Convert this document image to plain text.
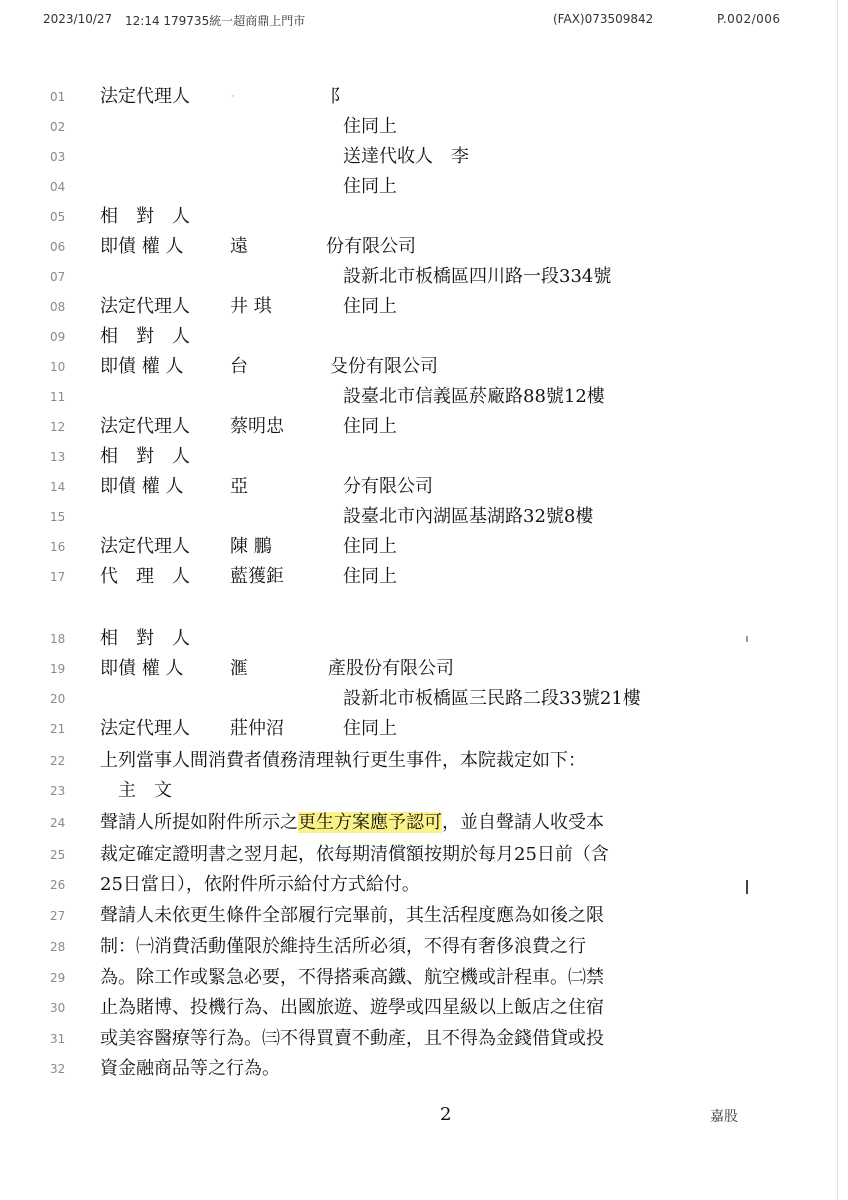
2023/10/27 12:14 179735統一超商鼎上門市	(FAX)073509842	P.002/006
01	法定代理人 ·	阝
02	住同上
03	送達代收人　李
04	住同上
05	相　對　人
06	即債 權 人	遠	份有限公司
07	設新北市板橋區四川路一段334號
08	法定代理人 井 琪	住同上
09	相　對　人
10	即債 權 人	台	殳份有限公司
11	設臺北市信義區菸廠路88號12樓
12	法定代理人 蔡明忠	住同上
13	相　對　人
14	即債 權 人	亞	分有限公司
15	設臺北市內湖區基湖路32號8樓
16	法定代理人 陳 鵬	住同上
17	代　理　人 藍獲鉅	住同上
18	相　對　人
19	即債 權 人	滙	產股份有限公司
20	設新北市板橋區三民路二段33號21樓
21	法定代理人 莊仲沼	住同上
22	上列當事人間消費者債務清理執行更生事件，本院裁定如下：
23	　主　文
24	聲請人所提如附件所示之更生方案應予認可，並自聲請人收受本
25	裁定確定證明書之翌月起，依每期清償額按期於每月25日前（含
26	25日當日），依附件所示給付方式給付。
27	聲請人未依更生條件全部履行完畢前，其生活程度應為如後之限
28	制：㈠消費活動僅限於維持生活所必須，不得有奢侈浪費之行
29	為。除工作或緊急必要，不得搭乘高鐵、航空機或計程車。㈡禁
30	止為賭博、投機行為、出國旅遊、遊學或四星級以上飯店之住宿
31	或美容醫療等行為。㈢不得買賣不動產，且不得為金錢借貸或投
32	資金融商品等之行為。
2	嘉股
